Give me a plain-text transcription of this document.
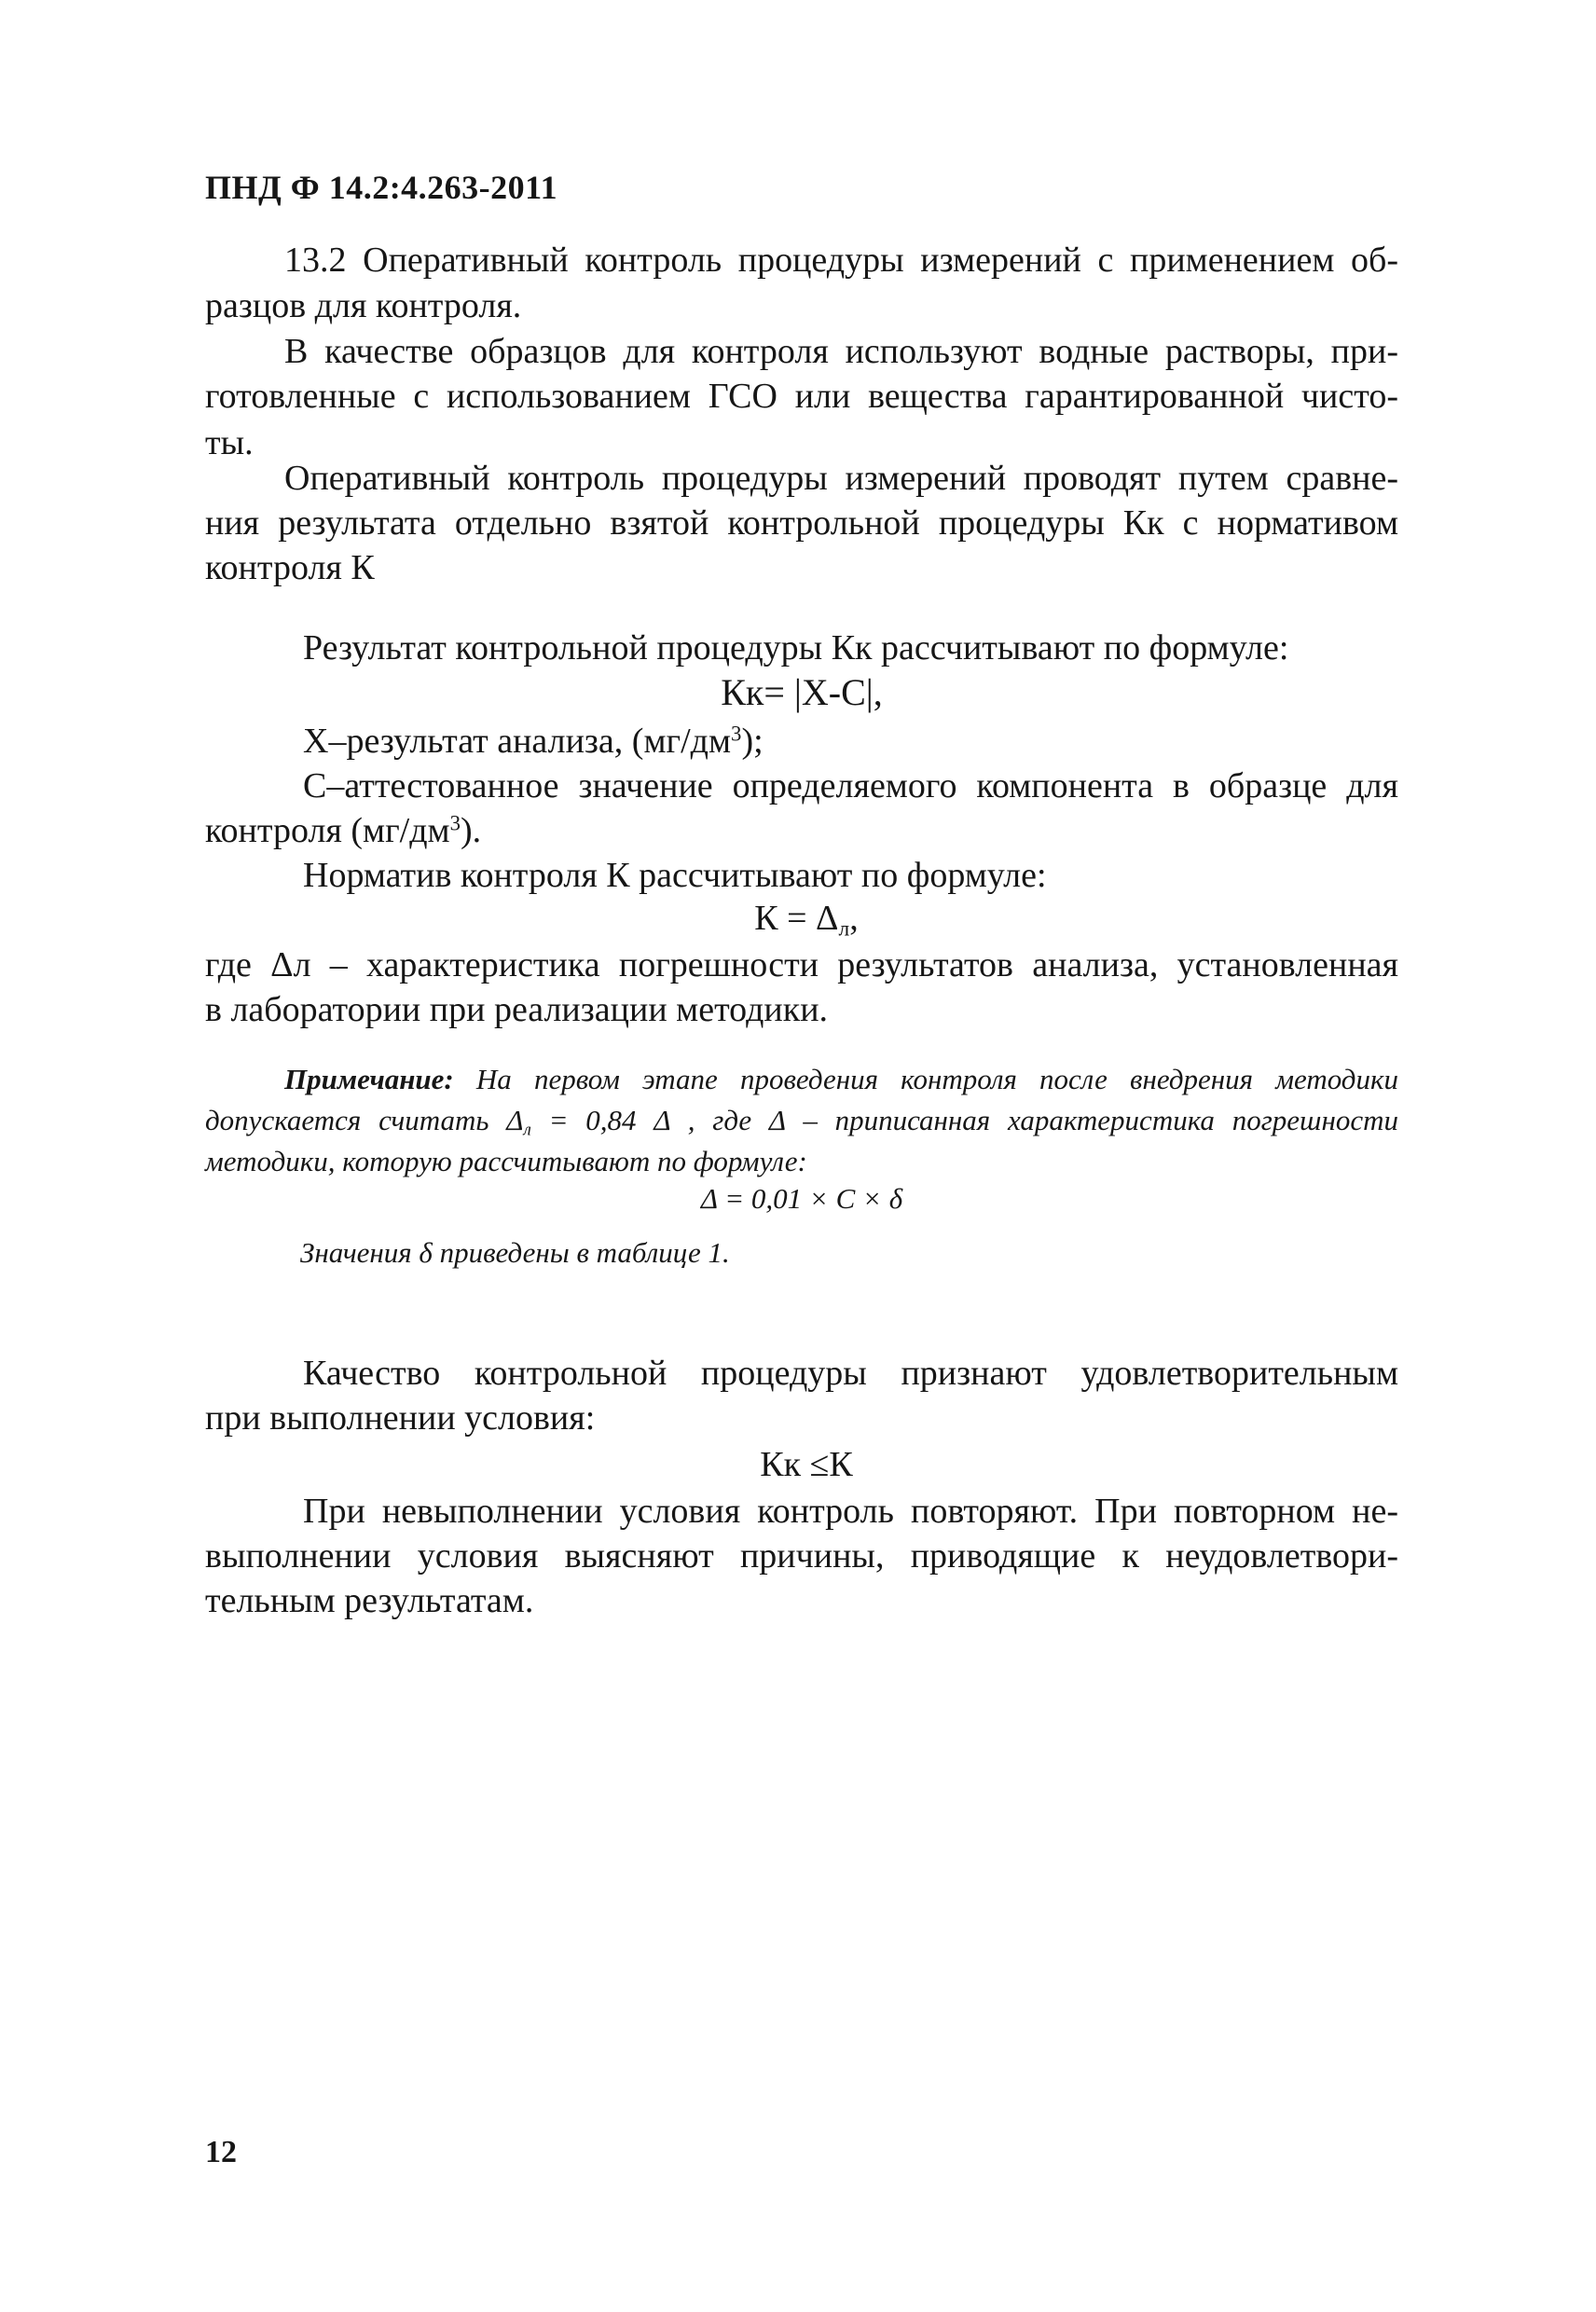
ПНД Ф 14.2:4.263-2011
13.2 Оперативный контроль процедуры измерений с применением об-
разцов для контроля.
В качестве образцов для контроля используют водные растворы, при-
готовленные с использованием ГСО или вещества гарантированной чисто-
ты.
Оперативный контроль процедуры измерений проводят путем сравне-
ния результата отдельно взятой контрольной процедуры Кк с нормативом
контроля К
Результат контрольной процедуры Кк рассчитывают по формуле:
Кк= |Х-С|,
Х–результат анализа, $(мг/дм^3)$;
С–аттестованное значение определяемого компонента в образце для
контроля $(мг/дм^3)$.
Норматив контроля К рассчитывают по формуле:
$К = \Delta_л$,
где Δл – характеристика погрешности результатов анализа, установленная
в лаборатории при реализации методики.
Примечание: На первом этапе проведения контроля после внедрения методики
допускается считать $\Delta_л = 0,84$ Δ , где Δ – приписанная характеристика погрешности
методики, которую рассчитывают по формуле:
Δ = 0,01 × С × δ
Значения δ приведены в таблице 1.
Качество контрольной процедуры признают удовлетворительным
при выполнении условия:
Кк ≤К
При невыполнении условия контроль повторяют. При повторном не-
выполнении условия выясняют причины, приводящие к неудовлетвори-
тельным результатам.
12
